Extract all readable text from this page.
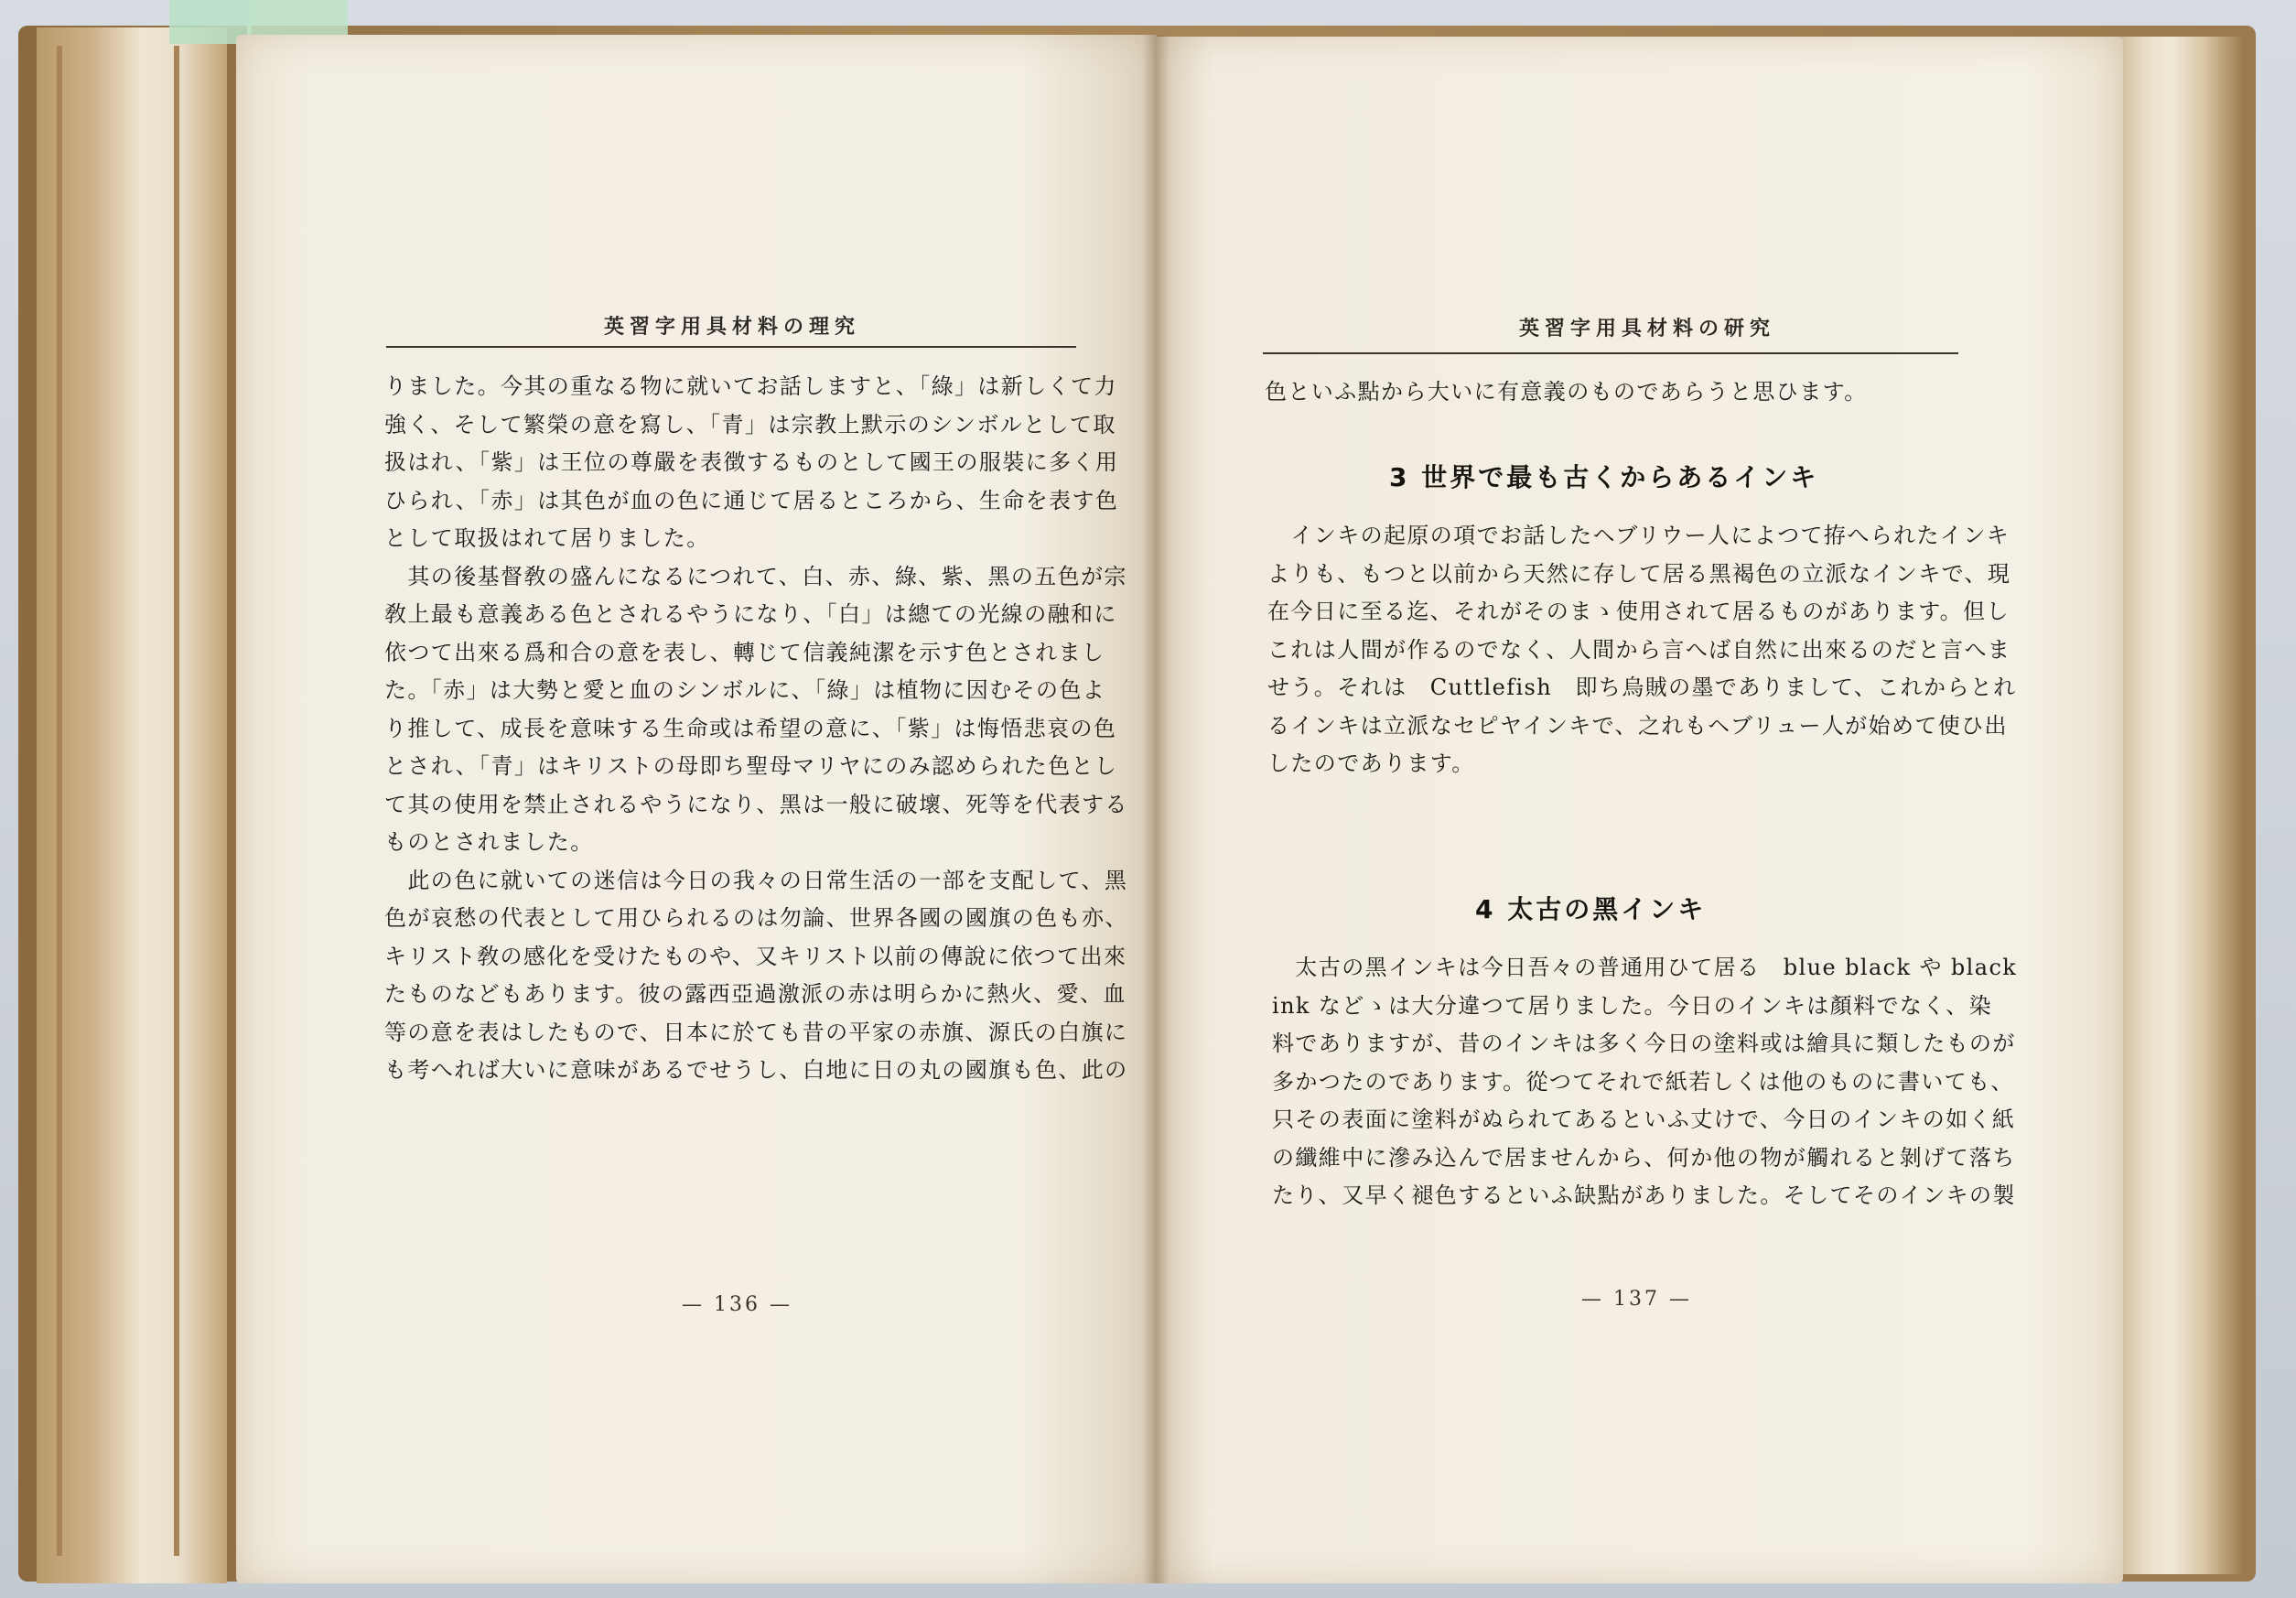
英習字用具材料の理究

りました。今其の重なる物に就いてお話しますと、「綠」は新しくて力

強く、そして繁榮の意を寫し、「青」は宗教上默示のシンボルとして取

扱はれ、「紫」は王位の尊嚴を表徴するものとして國王の服裝に多く用

ひられ、「赤」は其色が血の色に通じて居るところから、生命を表す色

として取扱はれて居りました。

　其の後基督敎の盛んになるにつれて、白、赤、綠、紫、黑の五色が宗

敎上最も意義ある色とされるやうになり、「白」は總ての光線の融和に

依つて出來る爲和合の意を表し、轉じて信義純潔を示す色とされまし

た。「赤」は大勢と愛と血のシンボルに、「綠」は植物に因むその色よ

り推して、成長を意味する生命或は希望の意に、「紫」は悔悟悲哀の色

とされ、「青」はキリストの母即ち聖母マリヤにのみ認められた色とし

て其の使用を禁止されるやうになり、黑は一般に破壞、死等を代表する

ものとされました。

　此の色に就いての迷信は今日の我々の日常生活の一部を支配して、黑

色が哀愁の代表として用ひられるのは勿論、世界各國の國旗の色も亦、

キリスト敎の感化を受けたものや、又キリスト以前の傳說に依つて出來

たものなどもあります。彼の露西亞過激派の赤は明らかに熱火、愛、血

等の意を表はしたもので、日本に於ても昔の平家の赤旗、源氏の白旗に

も考へれば大いに意味があるでせうし、白地に日の丸の國旗も色、此の

— 136 —
英習字用具材料の研究

色といふ點から大いに有意義のものであらうと思ひます。

3 世界で最も古くからあるインキ

　インキの起原の項でお話したヘブリウー人によつて拵へられたインキ

よりも、もつと以前から天然に存して居る黑褐色の立派なインキで、現

在今日に至る迄、それがそのまゝ使用されて居るものがあります。但し

これは人間が作るのでなく、人間から言へば自然に出來るのだと言へま

せう。それは　Cuttlefish　即ち烏賊の墨でありまして、これからとれ

るインキは立派なセピヤインキで、之れもヘブリュー人が始めて使ひ出

したのであります。

4 太古の黑インキ

　太古の黑インキは今日吾々の普通用ひて居る　blue black や black

ink などゝは大分違つて居りました。今日のインキは顏料でなく、染

料でありますが、昔のインキは多く今日の塗料或は繪具に類したものが

多かつたのであります。從つてそれで紙若しくは他のものに書いても、

只その表面に塗料がぬられてあるといふ丈けで、今日のインキの如く紙

の纖維中に滲み込んで居ませんから、何か他の物が觸れると剝げて落ち

たり、又早く褪色するといふ缺點がありました。そしてそのインキの製

— 137 —
